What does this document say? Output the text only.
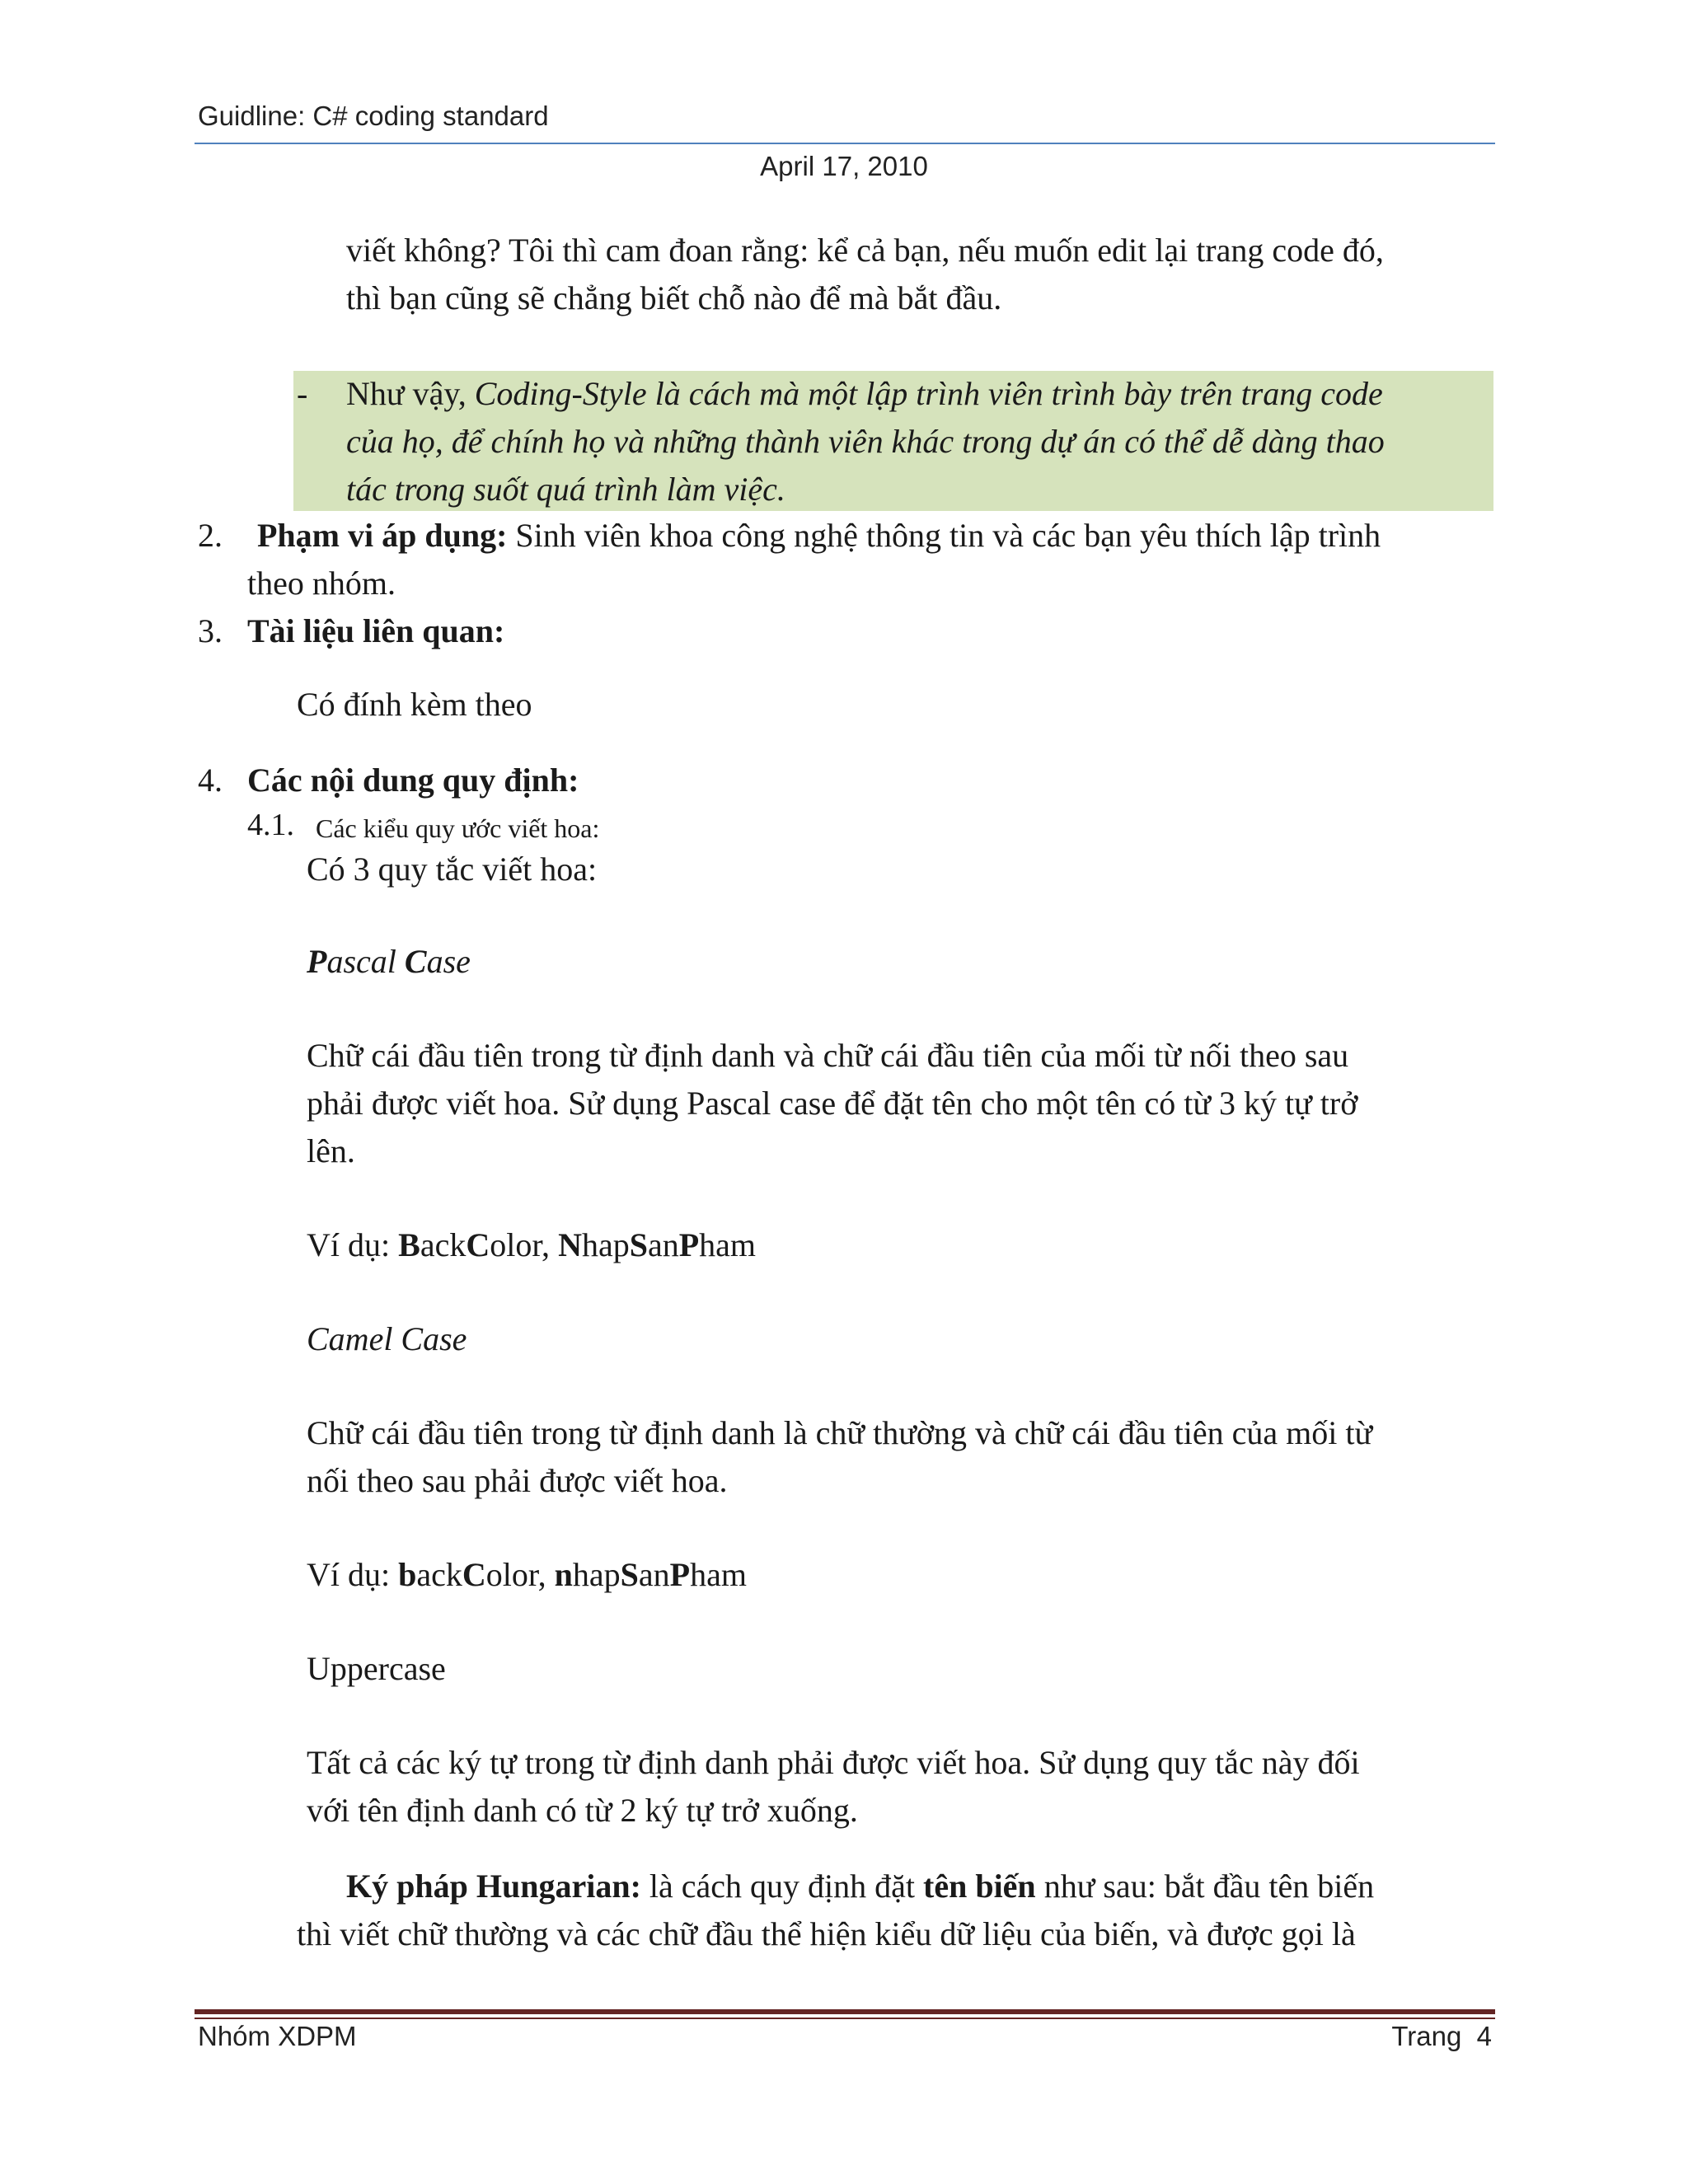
Guidline: C# coding standard
April 17, 2010
viết không? Tôi thì cam đoan rằng: kể cả bạn, nếu muốn edit lại trang code đó,
thì bạn cũng sẽ chẳng biết chỗ nào để mà bắt đầu.
- Như vậy, Coding-Style là cách mà một lập trình viên trình bày trên trang code
của họ, để chính họ và những thành viên khác trong dự án có thể dễ dàng thao
tác trong suốt quá trình làm việc.
2. Phạm vi áp dụng: Sinh viên khoa công nghệ thông tin và các bạn yêu thích lập trình
theo nhóm.
3. Tài liệu liên quan:
Có đính kèm theo
4. Các nội dung quy định:
4.1. Các kiểu quy ước viết hoa:
Có 3 quy tắc viết hoa:
Pascal Case
Chữ cái đầu tiên trong từ định danh và chữ cái đầu tiên của mối từ nối theo sau
phải được viết hoa. Sử dụng Pascal case để đặt tên cho một tên có từ 3 ký tự trở
lên.
Ví dụ: BackColor, NhapSanPham
Camel Case
Chữ cái đầu tiên trong từ định danh là chữ thường và chữ cái đầu tiên của mối từ
nối theo sau phải được viết hoa.
Ví dụ: backColor, nhapSanPham
Uppercase
Tất cả các ký tự trong từ định danh phải được viết hoa. Sử dụng quy tắc này đối
với tên định danh có từ 2 ký tự trở xuống.
Ký pháp Hungarian: là cách quy định đặt tên biến như sau: bắt đầu tên biến
thì viết chữ thường và các chữ đầu thể hiện kiểu dữ liệu của biến, và được gọi là
Nhóm XDPM	Trang  4
